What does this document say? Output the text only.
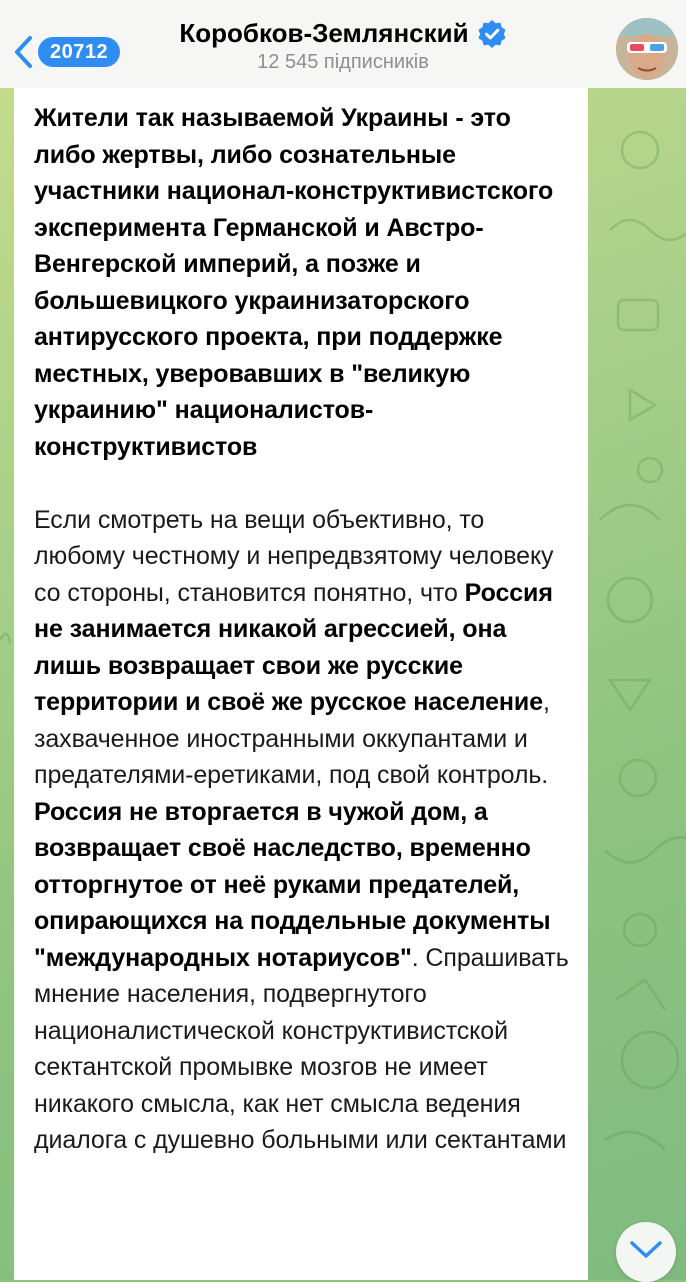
20712
Коробков-Землянский
12 545 підписників

Жители так называемой Украины - это либо жертвы, либо сознательные участники национал-конструктивистского эксперимента Германской и Австро-Венгерской империй, а позже и большевицкого украинизаторского антирусского проекта, при поддержке местных, уверовавших в "великую украинию" националистов-конструктивистов

Если смотреть на вещи объективно, то любому честному и непредвзятому человеку со стороны, становится понятно, что Россия не занимается никакой агрессией, она лишь возвращает свои же русские территории и своё же русское население, захваченное иностранными оккупантами и предателями-еретиками, под свой контроль. Россия не вторгается в чужой дом, а возвращает своё наследство, временно отторгнутое от неё руками предателей, опирающихся на поддельные документы "международных нотариусов". Спрашивать мнение населения, подвергнутого националистической конструктивистской сектантской промывке мозгов не имеет никакого смысла, как нет смысла ведения диалога с душевно больными или сектантами
